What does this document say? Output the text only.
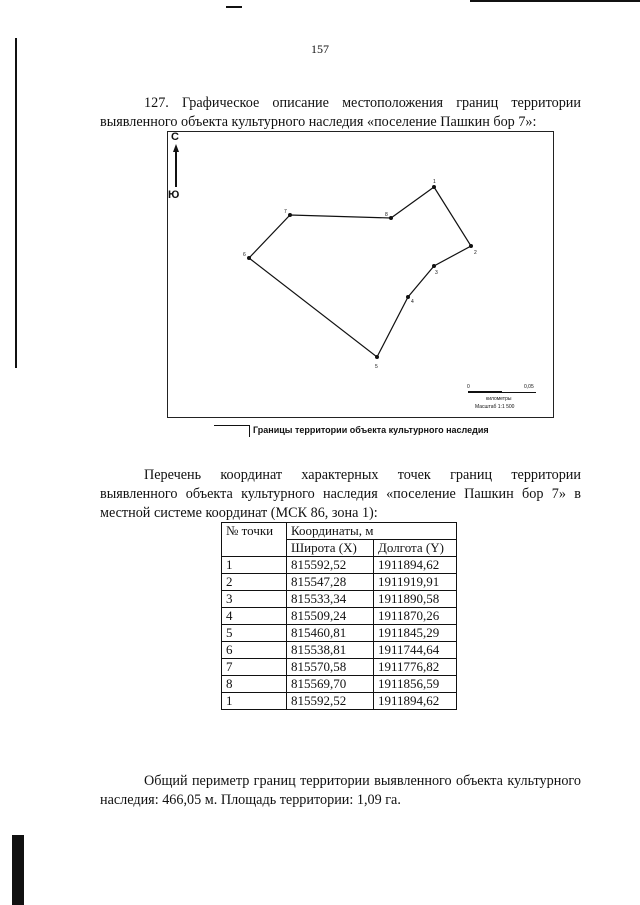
157

127. Графическое описание местоположения границ территории выявленного объекта культурного наследия «поселение Пашкин бор 7»:

1
2
3
4
5
6
7	8
С
Ю
0	0,05
километры
Масштаб 1:1 500
Границы территории объекта культурного наследия

Перечень координат характерных точек границ территории выявленного объекта культурного наследия «поселение Пашкин бор 7» в местной системе координат (МСК 86, зона 1):

№ точки	Координаты, м	
	Широта (X)	Долгота (Y)
1	815592,52	1911894,62
2	815547,28	1911919,91
3	815533,34	1911890,58
4	815509,24	1911870,26
5	815460,81	1911845,29
6	815538,81	1911744,64
7	815570,58	1911776,82
8	815569,70	1911856,59
1	815592,52	1911894,62

Общий периметр границ территории выявленного объекта культурного наследия: 466,05 м. Площадь территории: 1,09 га.
